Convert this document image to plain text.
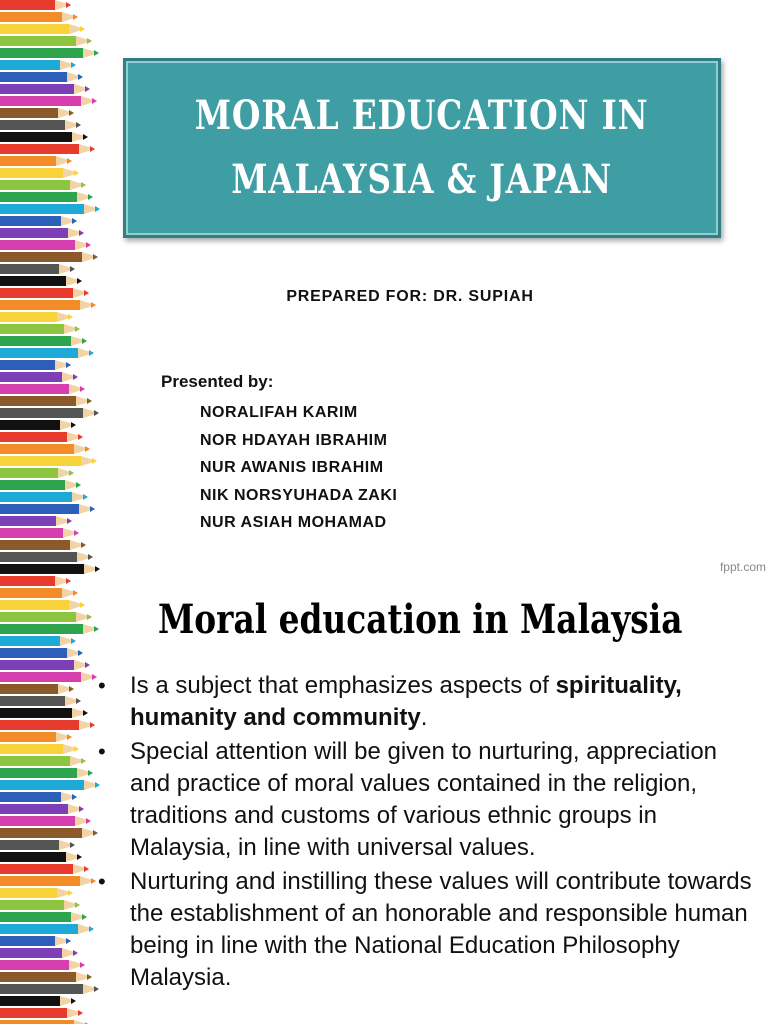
MORAL EDUCATION IN
MALAYSIA & JAPAN
PREPARED FOR: DR. SUPIAH
Presented by:
NORALIFAH KARIM
NOR HDAYAH IBRAHIM
NUR AWANIS IBRAHIM
NIK NORSYUHADA ZAKI
NUR ASIAH MOHAMAD
fppt.com
Moral education in Malaysia
• Is a subject that emphasizes aspects of spirituality, humanity and community.
• Special attention will be given to nurturing, appreciation and practice of moral values contained in the religion, traditions and customs of various ethnic groups in Malaysia, in line with universal values.
• Nurturing and instilling these values will contribute towards the establishment of an honorable and responsible human being in line with the National Education Philosophy Malaysia.
